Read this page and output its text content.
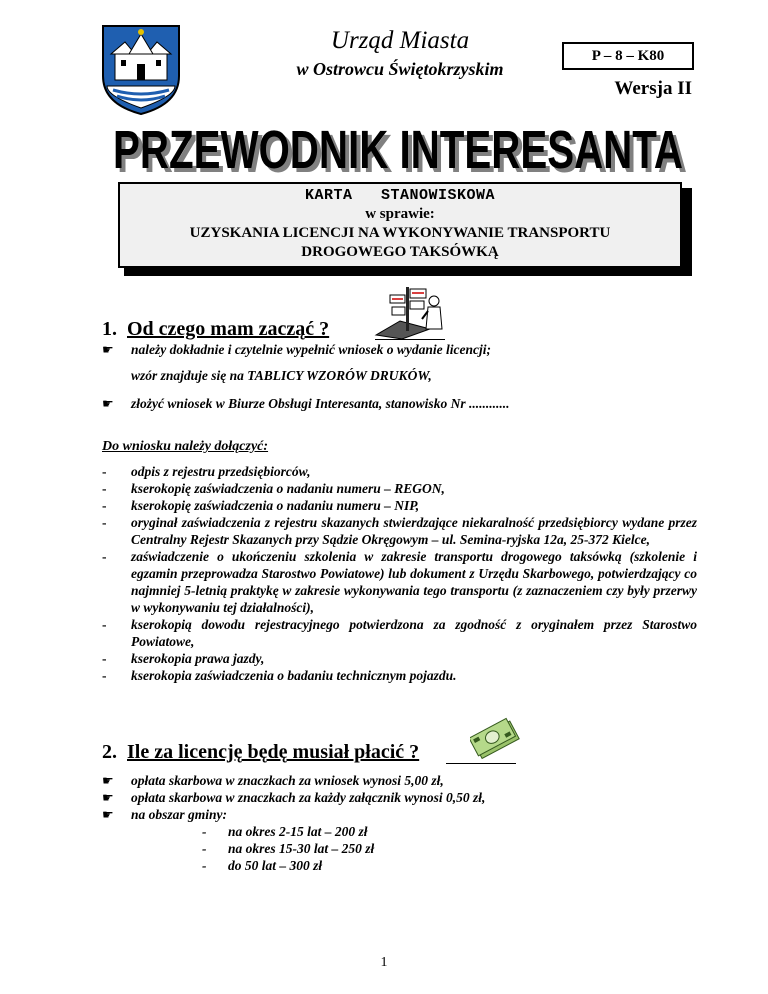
Urząd Miasta
w Ostrowcu Świętokrzyskim
P – 8 – K80
Wersja II
PRZEWODNIK INTERESANTA
PRZEWODNIK INTERESANTA
KARTA   STANOWISKOWA
w sprawie:
UZYSKANIA LICENCJI NA WYKONYWANIE TRANSPORTU
DROGOWEGO TAKSÓWKĄ
1. Od czego mam zacząć ?
☛ należy dokładnie i czytelnie wypełnić wniosek o wydanie licencji;
wzór znajduje się na TABLICY WZORÓW DRUKÓW,
☛ złożyć wniosek w Biurze Obsługi Interesanta, stanowisko Nr ............
Do wniosku należy dołączyć:
-	odpis z rejestru przedsiębiorców,
-	kserokopię zaświadczenia o nadaniu numeru – REGON,
-	kserokopię zaświadczenia o nadaniu numeru – NIP,
-	oryginał zaświadczenia z rejestru skazanych stwierdzające niekaralność przedsiębiorcy wydane przez Centralny Rejestr Skazanych przy Sądzie Okręgowym – ul. Semina-ryjska 12a, 25-372 Kielce,
-	zaświadczenie o ukończeniu szkolenia w zakresie transportu drogowego taksówką (szkolenie i egzamin przeprowadza Starostwo Powiatowe) lub dokument z Urzędu Skarbowego, potwierdzający co najmniej 5-letnią praktykę w zakresie wykonywania tego transportu (z zaznaczeniem czy były przerwy w wykonywaniu tej działalności),
-	kserokopią dowodu rejestracyjnego potwierdzona za zgodność z oryginałem przez Starostwo Powiatowe,
-	kserokopia prawa jazdy,
-	kserokopia zaświadczenia o badaniu technicznym pojazdu.
2. Ile za licencję będę musiał płacić ?
☛ opłata skarbowa w znaczkach za wniosek wynosi 5,00 zł,
☛ opłata skarbowa w znaczkach za każdy załącznik wynosi 0,50 zł,
☛ na obszar gminy:
- na okres 2-15 lat – 200 zł
- na okres 15-30 lat – 250 zł
- do 50 lat – 300 zł
1
